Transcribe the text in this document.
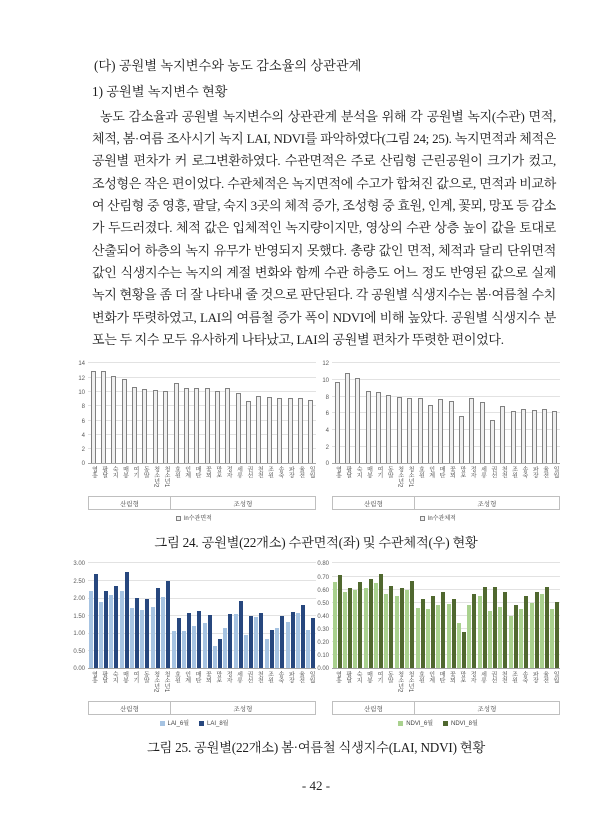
(다) 공원별 녹지변수와 농도 감소율의 상관관계
1) 공원별 녹지변수 현황
농도 감소율과 공원별 녹지변수의 상관관계 분석을 위해 각 공원별 녹지(수관) 면적, 체적, 봄·여름 조사시기 녹지 LAI, NDVI를 파악하였다(그림 24; 25). 녹지면적과 체적은 공원별 편차가 커 로그변환하였다. 수관면적은 주로 산림형 근린공원이 크기가 컸고, 조성형은 작은 편이었다. 수관체적은 녹지면적에 수고가 합쳐진 값으로, 면적과 비교하여 산림형 중 영흥, 팔달, 숙지 3곳의 체적 증가, 조성형 중 효원, 인계, 꽃뫼, 망포 등 감소가 두드러졌다. 체적 값은 입체적인 녹지량이지만, 영상의 수관 상층 높이 값을 토대로 산출되어 하층의 녹지 유무가 반영되지 못했다. 총량 값인 면적, 체적과 달리 단위면적 값인 식생지수는 녹지의 계절 변화와 함께 수관 하층도 어느 정도 반영된 값으로 실제 녹지 현황을 좀 더 잘 나타내 줄 것으로 판단된다. 각 공원별 식생지수는 봄·여름철 수치 변화가 뚜렷하였고, LAI의 여름철 증가 폭이 NDVI에 비해 높았다. 공원별 식생지수 분포는 두 지수 모두 유사하게 나타났고, LAI의 공원별 편차가 뚜렷한 편이었다.
0
2
4
6
8
10
12
14
영흥 팔달 숙지 매봉 여기 동말 청소년2 청소년1 효원 인계 매탄 꽃뫼 망포 정자 세류 권선 천천 조원 송죽 파장 율전 일월
산림형	조성형
ln수관면적
0
2
4
6
8
10
12
영흥 팔달 숙지 매봉 여기 동말 청소년2 청소년1 효원 인계 매탄 꽃뫼 망포 정자 세류 권선 천천 조원 송죽 파장 율전 일월
산림형	조성형
ln수관체적
그림 24. 공원별(22개소) 수관면적(좌) 및 수관체적(우) 현황
0.00
0.50
1.00
1.50
2.00
2.50
3.00
영흥 팔달 숙지 매봉 여기 동말 청소년2 청소년1 효원 인계 매탄 꽃뫼 망포 정자 세류 권선 천천 조원 송죽 파장 율전 일월
산림형	조성형
LAI_6월	LAI_8월
0.00
0.10
0.20
0.30
0.40
0.50
0.60
0.70
0.80
영흥 팔달 숙지 매봉 여기 동말 청소년2 청소년1 효원 인계 매탄 꽃뫼 망포 정자 세류 권선 천천 조원 송죽 파장 율전 일월
산림형	조성형
NDVI_6월	NDVI_8월
그림 25. 공원별(22개소) 봄·여름철 식생지수(LAI, NDVI) 현황
- 42 -
